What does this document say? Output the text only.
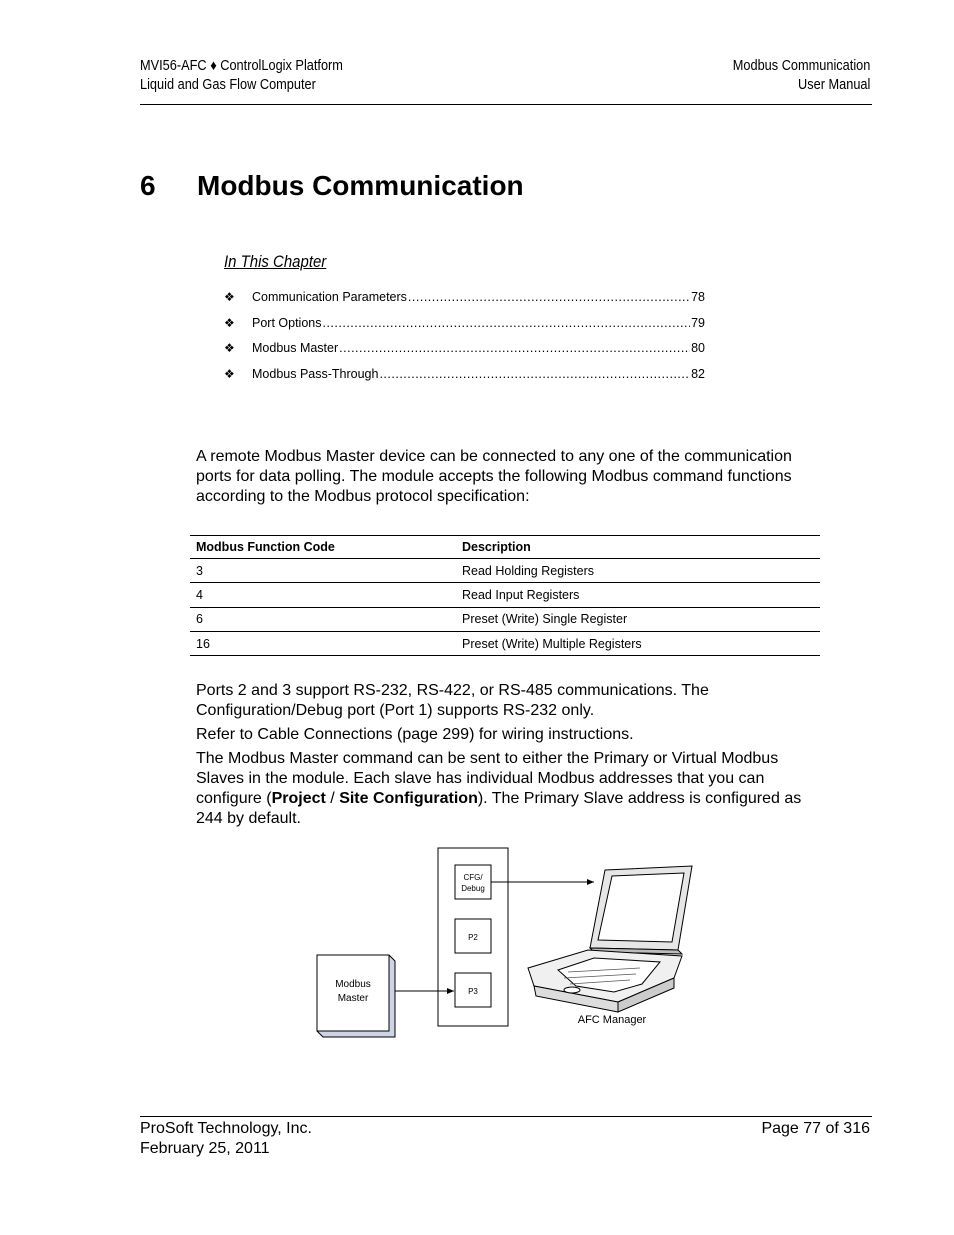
MVI56-AFC ♦ ControlLogix Platform
Liquid and Gas Flow Computer
Modbus Communication
User Manual
6 Modbus Communication
In This Chapter
❖	Communication Parameters .....	78
❖	Port Options .....	79
❖	Modbus Master .....	80
❖	Modbus Pass-Through .....	82
A remote Modbus Master device can be connected to any one of the communication ports for data polling. The module accepts the following Modbus command functions according to the Modbus protocol specification:
Modbus Function Code	Description
3	Read Holding Registers
4	Read Input Registers
6	Preset (Write) Single Register
16	Preset (Write) Multiple Registers
Ports 2 and 3 support RS-232, RS-422, or RS-485 communications. The Configuration/Debug port (Port 1) supports RS-232 only.
Refer to Cable Connections (page 299) for wiring instructions.
The Modbus Master command can be sent to either the Primary or Virtual Modbus Slaves in the module. Each slave has individual Modbus addresses that you can configure (Project / Site Configuration). The Primary Slave address is configured as 244 by default.
Modbus
Master
CFG/
Debug
P2
P3
AFC Manager
ProSoft Technology, Inc.
February 25, 2011
Page 77 of 316
